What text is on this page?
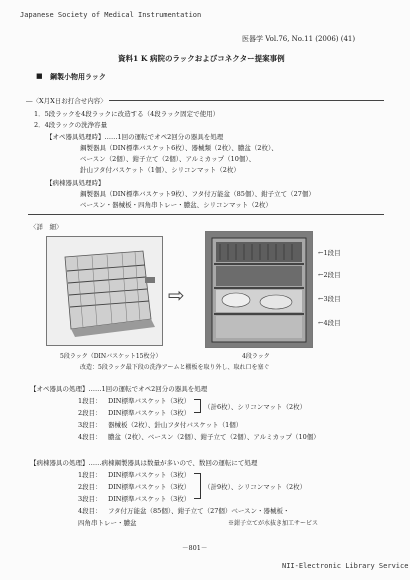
Japanese Society of Medical Instrumentation
医器学 Vol.76, No.11 (2006) (41)
資料1 K 病院のラックおよびコネクター提案事例
■ 鋼製小物用ラック
―〈X月X日お打合せ内容〉
1．5段ラックを4段ラックに改造する（4段ラック固定で使用）
2．4段ラックの洗浄容量
【オペ器具処理時】……1回の運転でオペ2回分の器具を処理
鋼製器具（DIN標準バスケット6枚）、器械類（2枚）、膿盆（2枚）、
ベースン（2個）、鉗子立て（2個）、アルミカップ（10個）、
針山フタ付バスケット（1個）、シリコンマット（2枚）
【病棟器具処理時】
鋼製器具（DIN標準バスケット9枚）、フタ付万能盆（85個）、鉗子立て（27個）
ベースン・器械板・四角串トレー・膿盆、シリコンマット（2枚）
〈詳　細〉
⇨
←1段目
←2段目
←3段目
←4段目
5段ラック（DINバスケット15枚分）	4段ラック
改造：5段ラック最下段の洗浄アームと棚板を取り外し、取れ口を塞ぐ
【オペ器具の処理】……1回の運転でオペ2回分の器具を処理
1段目： DIN標準バスケット（3枚）
2段目： DIN標準バスケット（3枚）
（計6枚）、シリコンマット（2枚）
3段目： 器械板（2枚）、針山フタ付バスケット（1個）
4段目： 膿盆（2枚）、ベースン（2個）、鉗子立て（2個）、アルミカップ（10個）
【病棟器具の処理】……病棟鋼製器具は数量が多いので、数回の運転にて処理
1段目： DIN標準バスケット（3枚）
2段目： DIN標準バスケット（3枚） （計9枚）、シリコンマット（2枚）
3段目： DIN標準バスケット（3枚）
4段目： フタ付万能盆（85個）、鉗子立て（27個）ベースン・器械板・
四角串トレー・膿盆	※鉗子立てが水抜き加工サービス
－801－
NII-Electronic Library Service
